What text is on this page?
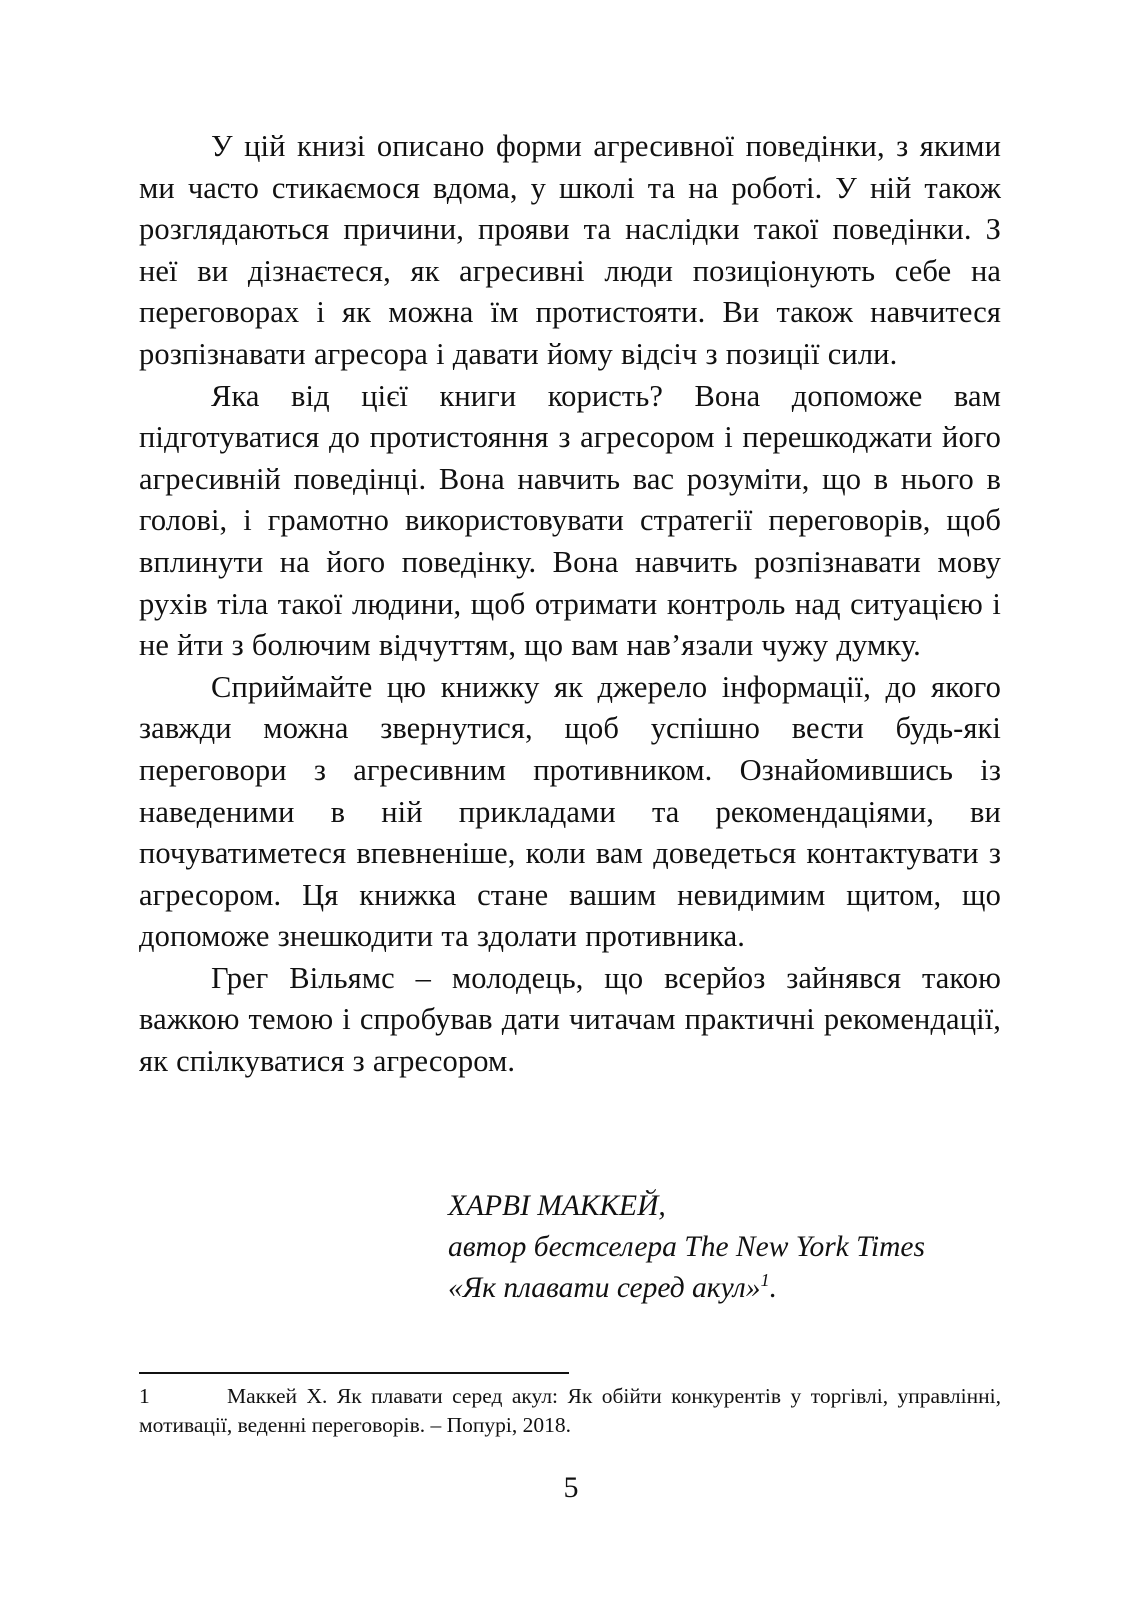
У цій книзі описано форми агресивної поведінки, з якими ми часто стикаємося вдома, у школі та на роботі. У ній також розглядаються причини, прояви та наслідки такої поведінки. З неї ви дізнаєтеся, як агресивні люди позиціонують себе на переговорах і як можна їм протистояти. Ви також навчитеся розпізнавати агресора і давати йому відсіч з позиції сили.

Яка від цієї книги користь? Вона допоможе вам підготуватися до протистояння з агресором і перешкоджати його агресивній поведінці. Вона навчить вас розуміти, що в нього в голові, і грамотно використовувати стратегії переговорів, щоб вплинути на його поведінку. Вона навчить розпізнавати мову рухів тіла такої людини, щоб отримати контроль над ситуацією і не йти з болючим відчуттям, що вам нав’язали чужу думку.

Сприймайте цю книжку як джерело інформації, до якого завжди можна звернутися, щоб успішно вести будь-які переговори з агресивним противником. Ознайомившись із наведеними в ній прикладами та рекомендаціями, ви почуватиметеся впевненіше, коли вам доведеться контактувати з агресором. Ця книжка стане вашим невидимим щитом, що допоможе знешкодити та здолати противника.

Грег Вільямс – молодець, що всерйоз зайнявся такою важкою темою і спробував дати читачам практичні рекомендації, як спілкуватися з агресором.

ХАРВІ МАККЕЙ,
автор бестселера The New York Times
«Як плавати серед акул»$^1$.
1	Маккей Х. Як плавати серед акул: Як обійти конкурентів у торгівлі, управлінні, мотивації, веденні переговорів. – Попурі, 2018.
5
